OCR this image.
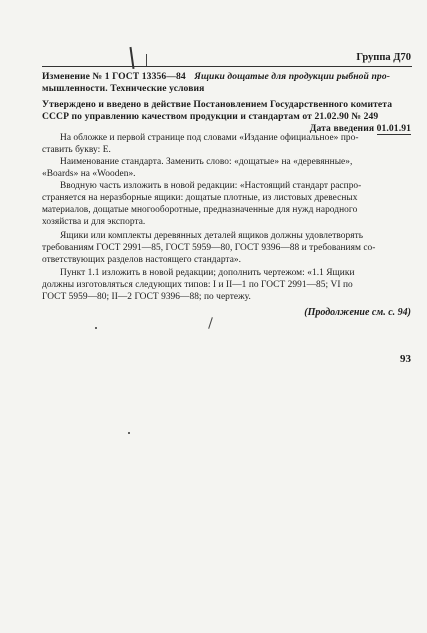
Группа Д70
Изменение № 1 ГОСТ 13356—84 Ящики дощатые для продукции рыбной про-
мышленности. Технические условия
Утверждено и введено в действие Постановлением Государственного комитета
СССР по управлению качеством продукции и стандартам от 21.02.90 № 249
Дата введения 01.01.91
На обложке и первой странице под словами «Издание официальное» про-
ставить букву: Е.
Наименование стандарта. Заменить слово: «дощатые» на «деревянные»,
«Boards» на «Wooden».
Вводную часть изложить в новой редакции: «Настоящий стандарт распро-
страняется на неразборные ящики: дощатые плотные, из листовых древесных
материалов, дощатые многооборотные, предназначенные для нужд народного
хозяйства и для экспорта.
Ящики или комплекты деревянных деталей ящиков должны удовлетворять
требованиям ГОСТ 2991—85, ГОСТ 5959—80, ГОСТ 9396—88 и требованиям со-
ответствующих разделов настоящего стандарта».
Пункт 1.1 изложить в новой редакции; дополнить чертежом: «1.1 Ящики
должны изготовляться следующих типов: I и II—1 по ГОСТ 2991—85; VI по
ГОСТ 5959—80; II—2 ГОСТ 9396—88; по чертежу.
(Продолжение см. с. 94)
93
